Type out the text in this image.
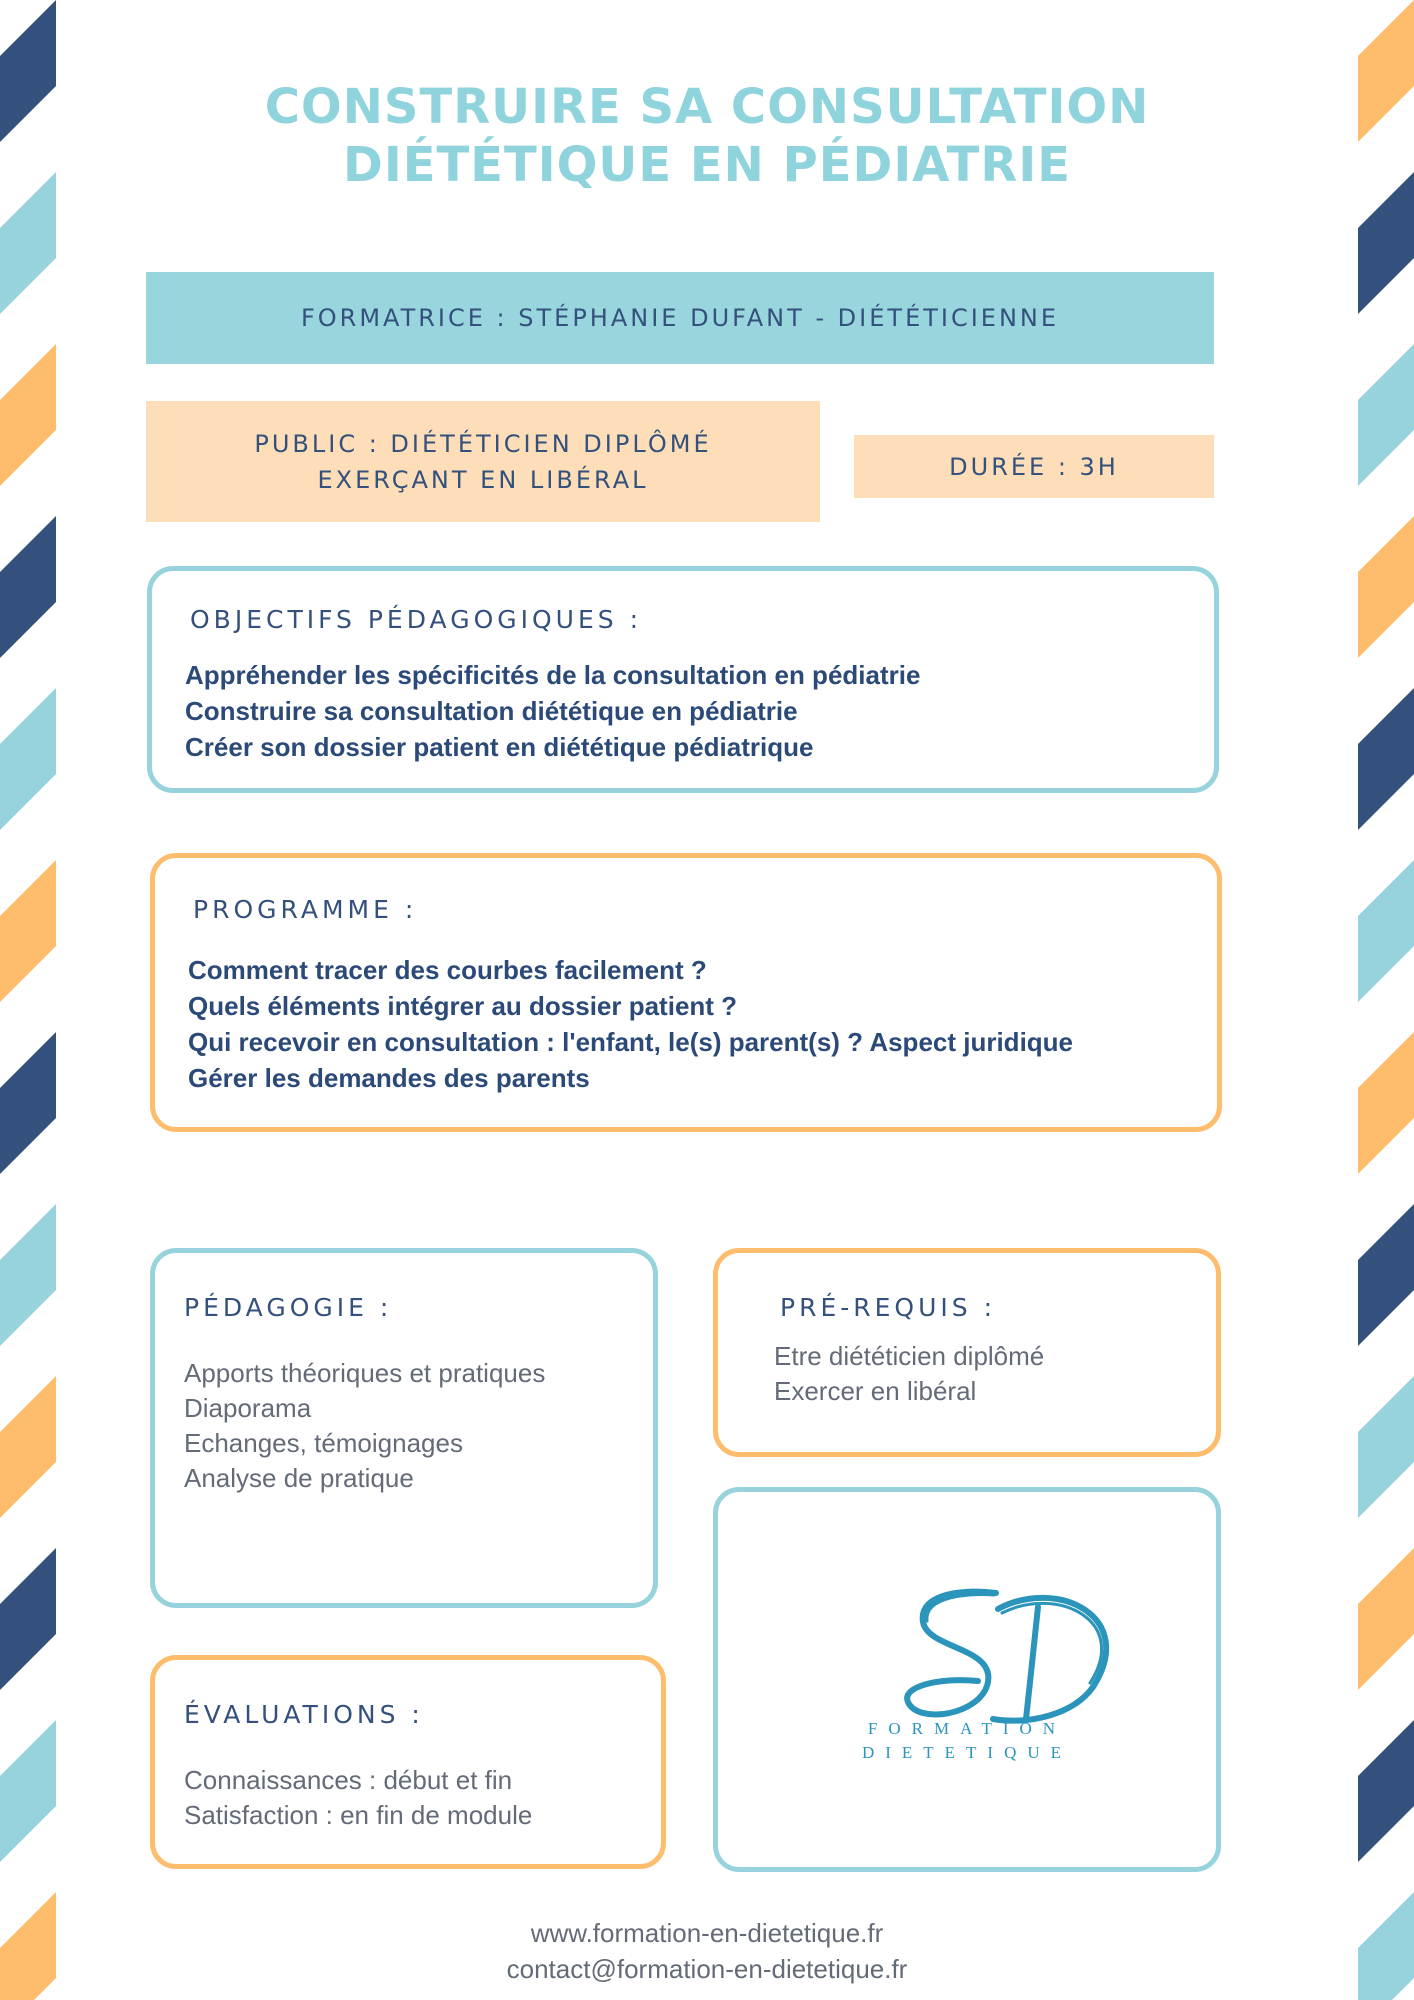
CONSTRUIRE SA CONSULTATION
DIÉTÉTIQUE EN PÉDIATRIE
FORMATRICE : STÉPHANIE DUFANT - DIÉTÉTICIENNE
PUBLIC : DIÉTÉTICIEN DIPLÔMÉ
EXERÇANT EN LIBÉRAL	DURÉE : 3H
OBJECTIFS PÉDAGOGIQUES :
Appréhender les spécificités de la consultation en pédiatrie
Construire sa consultation diététique en pédiatrie
Créer son dossier patient en diététique pédiatrique
PROGRAMME :
Comment tracer des courbes facilement ?
Quels éléments intégrer au dossier patient ?
Qui recevoir en consultation : l'enfant, le(s) parent(s) ? Aspect juridique
Gérer les demandes des parents
PÉDAGOGIE :
Apports théoriques et pratiques
Diaporama
Echanges, témoignages
Analyse de pratique
PRÉ-REQUIS :
Etre diététicien diplômé
Exercer en libéral
ÉVALUATIONS :
Connaissances : début et fin
Satisfaction : en fin de module
FORMATION
DIETETIQUE
www.formation-en-dietetique.fr
contact@formation-en-dietetique.fr
